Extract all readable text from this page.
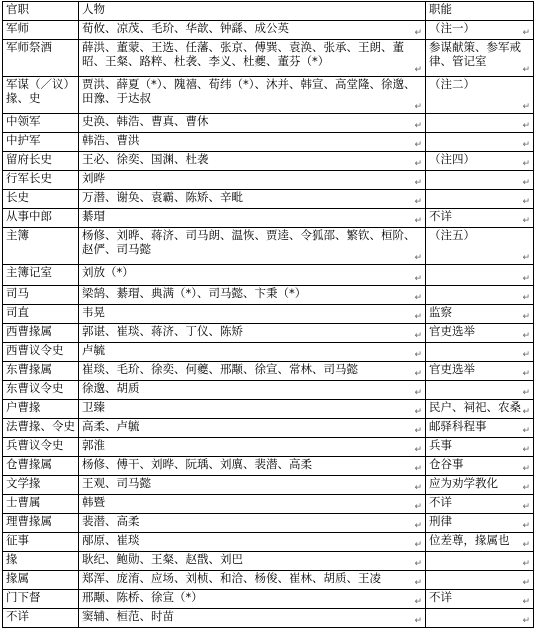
官职	人物	职能
军师	荀攸、凉茂、毛玠、华歆、钟繇、成公英 ↵	（注一） ↵

军师祭酒	薛洪、董蒙、王选、任藩、张京、傅巽、袁涣、张承、王朗、董昭、王粲、路粹、杜袭、李义、杜夔、董芬（*）
↵	参谋献策、参军戒律、管记室
↵

军谋（／议）掾、史	贾洪、薛夏（*）、隗禧、荀纬（*）、沐并、韩宣、高堂隆、徐邈、田豫、于达叔
↵	（注二）
↵

中领军	史涣、韩浩、曹真、曹休 ↵	↵

中护军	韩浩、曹洪 ↵	↵

留府长史	王必、徐奕、国渊、杜袭 ↵	（注四） ↵

行军长史	刘晔 ↵	↵

长史	万潜、谢奂、袁霸、陈矫、辛毗 ↵	↵

从事中郎	綦瑁 ↵	不详 ↵

主簿	杨修、刘晔、蒋济、司马朗、温恢、贾逵、令狐邵、繁钦、桓阶、赵俨、司马懿
↵	（注五）
↵

主簿记室	刘放（*） ↵	↵

司马	梁鹄、綦瑁、典满（*）、司马懿、卞秉（*） ↵	↵

司直	韦晃 ↵	监察 ↵

西曹掾属	郭谌、崔琰、蒋济、丁仪、陈矫 ↵	官吏选举 ↵

西曹议令史	卢毓 ↵	↵

东曹掾属	崔琰、毛玠、徐奕、何夔、邢颙、徐宣、常林、司马懿 ↵	官吏选举 ↵

东曹议令史	徐邈、胡质 ↵	↵

户曹掾	卫臻 ↵	民户、祠祀、农桑 ↵

法曹掾、令史	高柔、卢毓 ↵	邮驿科程事 ↵

兵曹议令史	郭淮 ↵	兵事 ↵

仓曹掾属	杨修、傅干、刘晔、阮瑀、刘廙、裴潜、高柔 ↵	仓谷事 ↵

文学掾	王观、司马懿 ↵	应为劝学教化 ↵

士曹属	韩暨 ↵	不详 ↵

理曹掾属	裴潜、高柔 ↵	刑律 ↵

征事	邴原、崔琰 ↵	位差尊，掾属也 ↵

掾	耿纪、鲍勋、王粲、赵戬、刘巴 ↵	↵

掾属	郑浑、庞淯、应场、刘桢、和洽、杨俊、崔林、胡质、王凌 ↵	↵

门下督	邢颙、陈桥、徐宣（*） ↵	不详 ↵

不详	窦辅、桓范、时苗 ↵	↵
